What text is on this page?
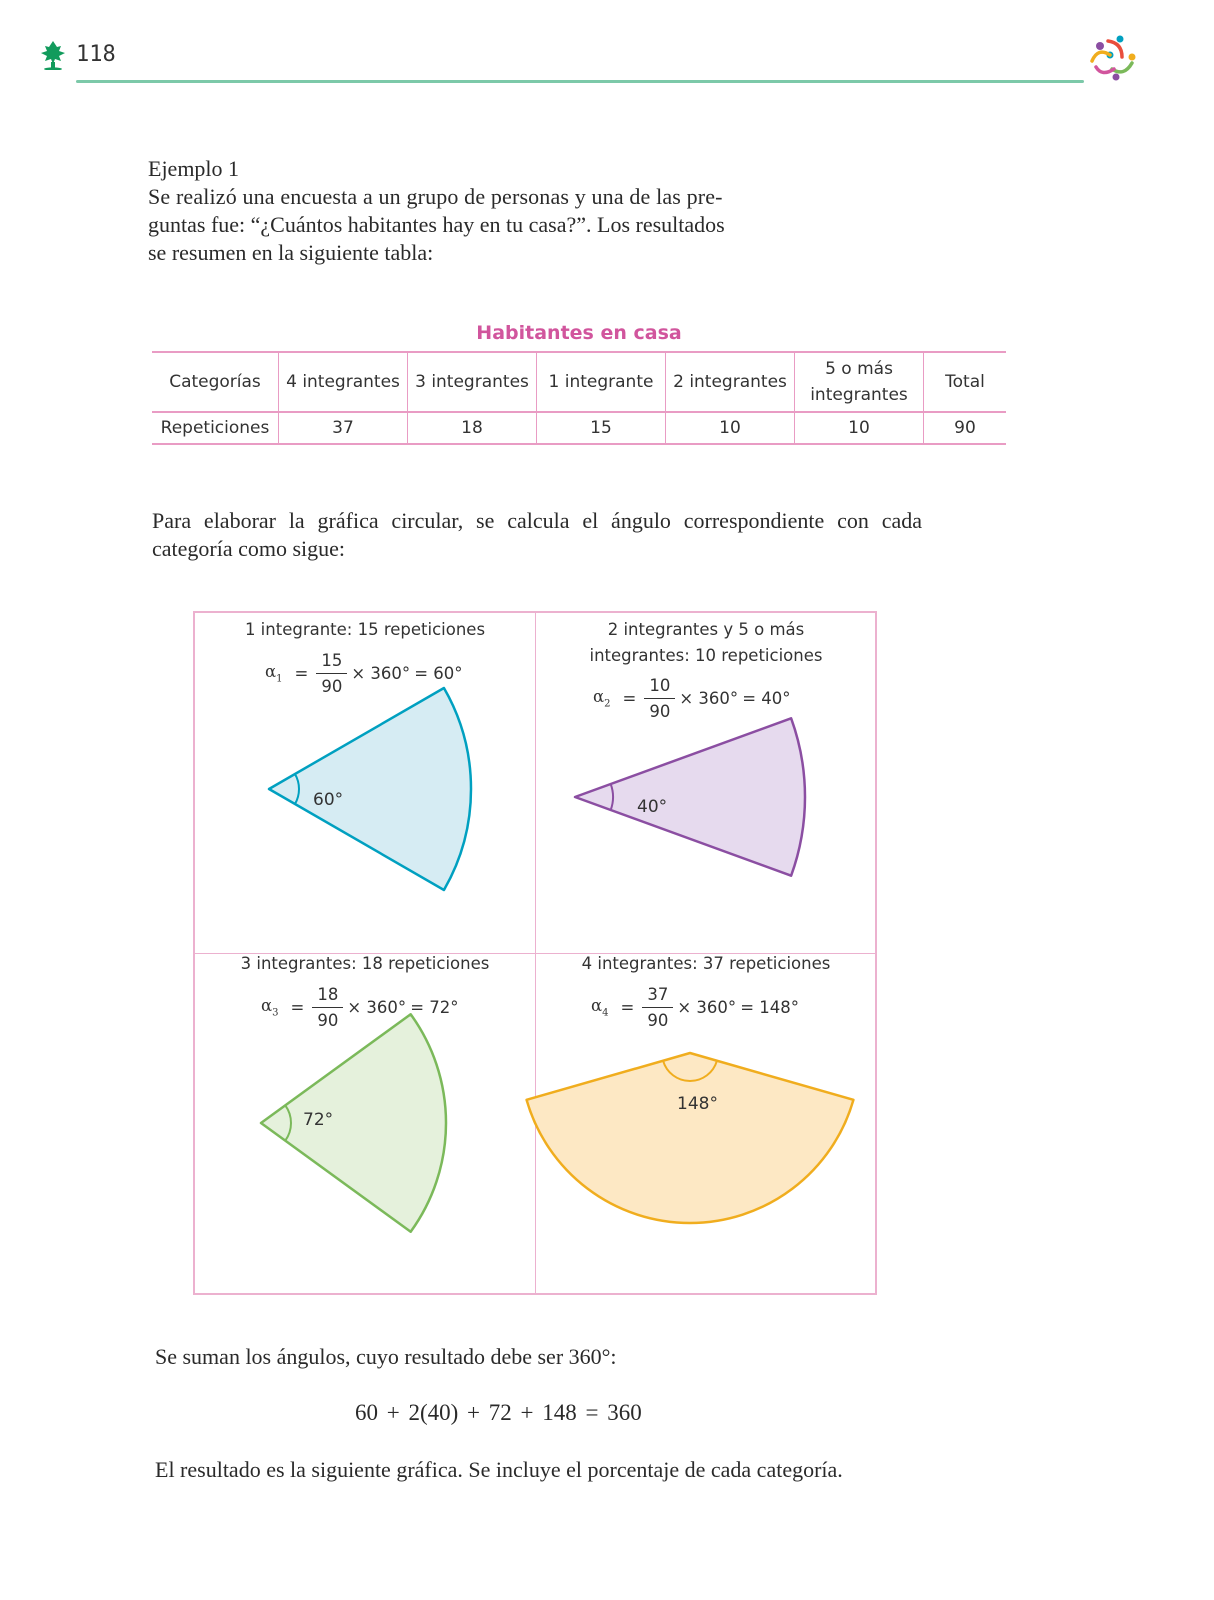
118
Ejemplo 1
Se realizó una encuesta a un grupo de personas y una de las pre-
guntas fue: “¿Cuántos habitantes hay en tu casa?”. Los resultados
se resumen en la siguiente tabla:
Habitantes en casa
Categorías	4 integrantes	3 integrantes	1 integrante	2 integrantes	5 o más integrantes	Total
Repeticiones	37	18	15	10	10	90
Para elaborar la gráfica circular, se calcula el ángulo correspondiente con cada categoría como sigue:
1 integrante: 15 repeticiones
$\alpha_1 = \frac{15}{90} \times 360^\circ = 60^\circ$
60°
2 integrantes y 5 o más integrantes: 10 repeticiones
$\alpha_2 = \frac{10}{90} \times 360^\circ = 40^\circ$
40°
3 integrantes: 18 repeticiones
$\alpha_3 = \frac{18}{90} \times 360^\circ = 72^\circ$
72°
4 integrantes: 37 repeticiones
$\alpha_4 = \frac{37}{90} \times 360^\circ = 148^\circ$
148°
Se suman los ángulos, cuyo resultado debe ser 360°:
60 + 2(40) + 72 + 148 = 360
El resultado es la siguiente gráfica. Se incluye el porcentaje de cada categoría.
